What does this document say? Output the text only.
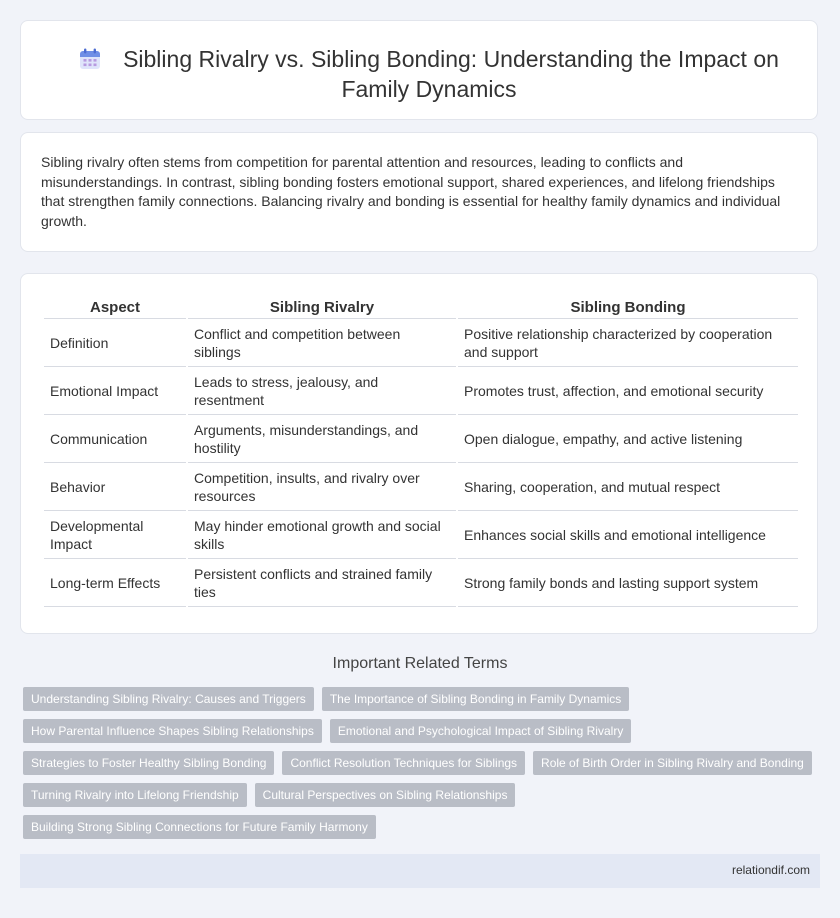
Sibling Rivalry vs. Sibling Bonding: Understanding the Impact on Family Dynamics

Sibling rivalry often stems from competition for parental attention and resources, leading to conflicts and misunderstandings. In contrast, sibling bonding fosters emotional support, shared experiences, and lifelong friendships that strengthen family connections. Balancing rivalry and bonding is essential for healthy family dynamics and individual growth.

Aspect	Sibling Rivalry	Sibling Bonding
Definition	Conflict and competition between siblings	Positive relationship characterized by cooperation and support
Emotional Impact	Leads to stress, jealousy, and resentment	Promotes trust, affection, and emotional security
Communication	Arguments, misunderstandings, and hostility	Open dialogue, empathy, and active listening
Behavior	Competition, insults, and rivalry over resources	Sharing, cooperation, and mutual respect
Developmental Impact	May hinder emotional growth and social skills	Enhances social skills and emotional intelligence
Long-term Effects	Persistent conflicts and strained family ties	Strong family bonds and lasting support system
Important Related Terms
Understanding Sibling Rivalry: Causes and Triggers	The Importance of Sibling Bonding in Family Dynamics
How Parental Influence Shapes Sibling Relationships	Emotional and Psychological Impact of Sibling Rivalry
Strategies to Foster Healthy Sibling Bonding	Conflict Resolution Techniques for Siblings	Role of Birth Order in Sibling Rivalry and Bonding
Turning Rivalry into Lifelong Friendship	Cultural Perspectives on Sibling Relationships
Building Strong Sibling Connections for Future Family Harmony
relationdif.com
